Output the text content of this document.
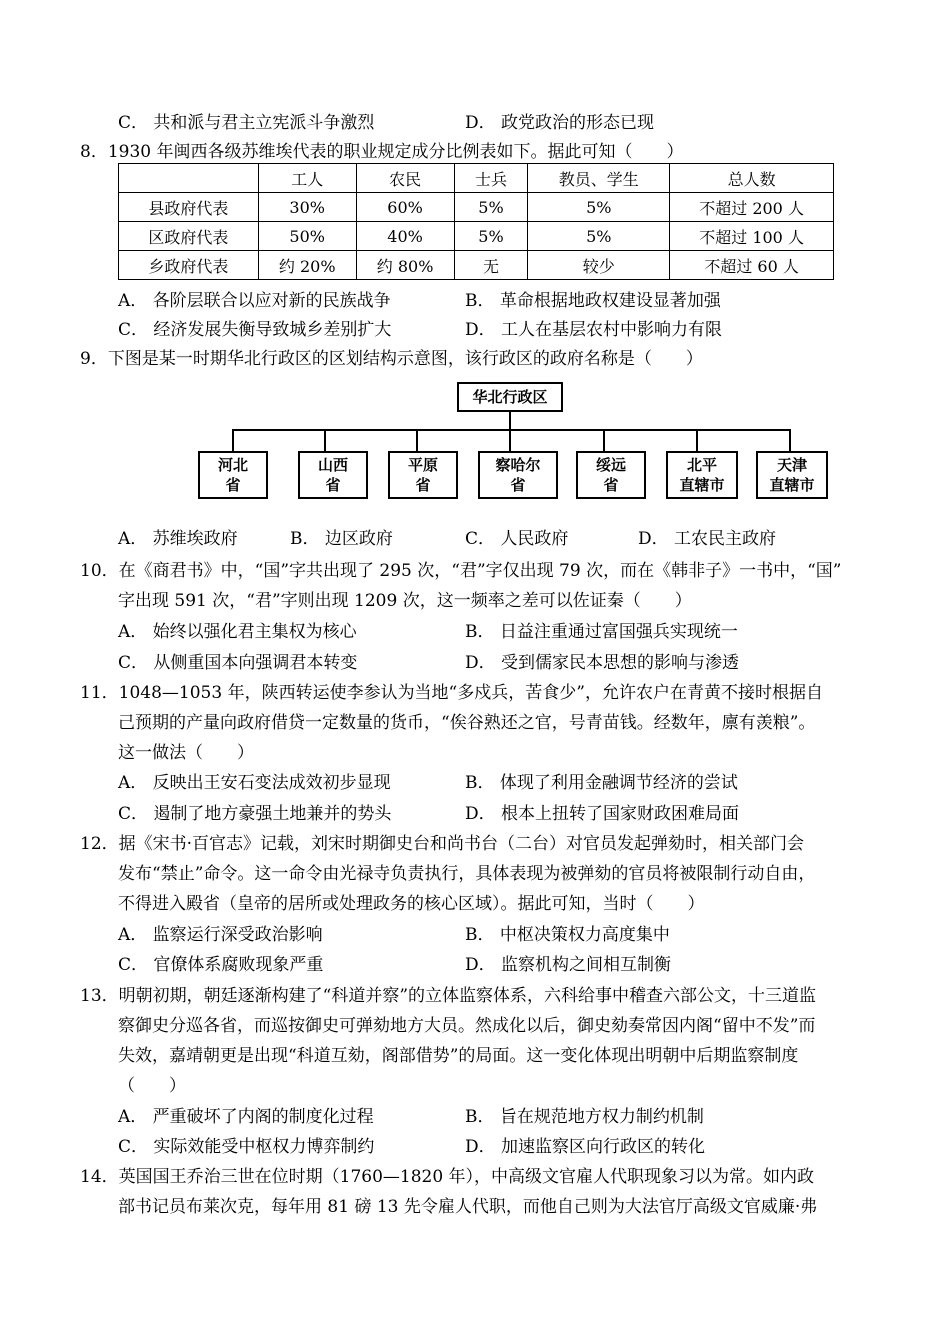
C． 共和派与君主立宪派斗争激烈	D． 政党政治的形态已现
8．1930 年闽西各级苏维埃代表的职业规定成分比例表如下。据此可知（　　）
	工人	农民	士兵	教员、学生	总人数
县政府代表	30%	60%	5%	5%	不超过 200 人
区政府代表	50%	40%	5%	5%	不超过 100 人
乡政府代表	约 20%	约 80%	无	较少	不超过 60 人
A． 各阶层联合以应对新的民族战争	B． 革命根据地政权建设显著加强
C． 经济发展失衡导致城乡差别扩大	D． 工人在基层农村中影响力有限
9．下图是某一时期华北行政区的区划结构示意图，该行政区的政府名称是（　　）
华北行政区
河北
省
山西
省
平原
省
察哈尔
省
绥远
省
北平
直辖市
天津
直辖市
A． 苏维埃政府	B． 边区政府	C． 人民政府	D． 工农民主政府
10．在《商君书》中，“国”字共出现了 295 次，“君”字仅出现 79 次，而在《韩非子》一书中，“国”
字出现 591 次，“君”字则出现 1209 次，这一频率之差可以佐证秦（　　）
A． 始终以强化君主集权为核心	B． 日益注重通过富国强兵实现统一
C． 从侧重国本向强调君本转变	D． 受到儒家民本思想的影响与渗透
11．1048—1053 年，陕西转运使李参认为当地“多戍兵，苦食少”，允许农户在青黄不接时根据自
己预期的产量向政府借贷一定数量的货币，“俟谷熟还之官，号青苗钱。经数年，廪有羡粮”。
这一做法（　　）
A． 反映出王安石变法成效初步显现	B． 体现了利用金融调节经济的尝试
C． 遏制了地方豪强土地兼并的势头	D． 根本上扭转了国家财政困难局面
12．据《宋书·百官志》记载，刘宋时期御史台和尚书台（二台）对官员发起弹劾时，相关部门会
发布“禁止”命令。这一命令由光禄寺负责执行，具体表现为被弹劾的官员将被限制行动自由，
不得进入殿省（皇帝的居所或处理政务的核心区域）。据此可知，当时（　　）
A． 监察运行深受政治影响	B． 中枢决策权力高度集中
C． 官僚体系腐败现象严重	D． 监察机构之间相互制衡
13．明朝初期，朝廷逐渐构建了“科道并察”的立体监察体系，六科给事中稽查六部公文，十三道监
察御史分巡各省，而巡按御史可弹劾地方大员。然成化以后，御史劾奏常因内阁“留中不发”而
失效，嘉靖朝更是出现“科道互劾，阁部借势”的局面。这一变化体现出明朝中后期监察制度
（　　）
A． 严重破坏了内阁的制度化过程	B． 旨在规范地方权力制约机制
C． 实际效能受中枢权力博弈制约	D． 加速监察区向行政区的转化
14．英国国王乔治三世在位时期（1760—1820 年），中高级文官雇人代职现象习以为常。如内政
部书记员布莱次克，每年用 81 磅 13 先令雇人代职，而他自己则为大法官厅高级文官威廉·弗
